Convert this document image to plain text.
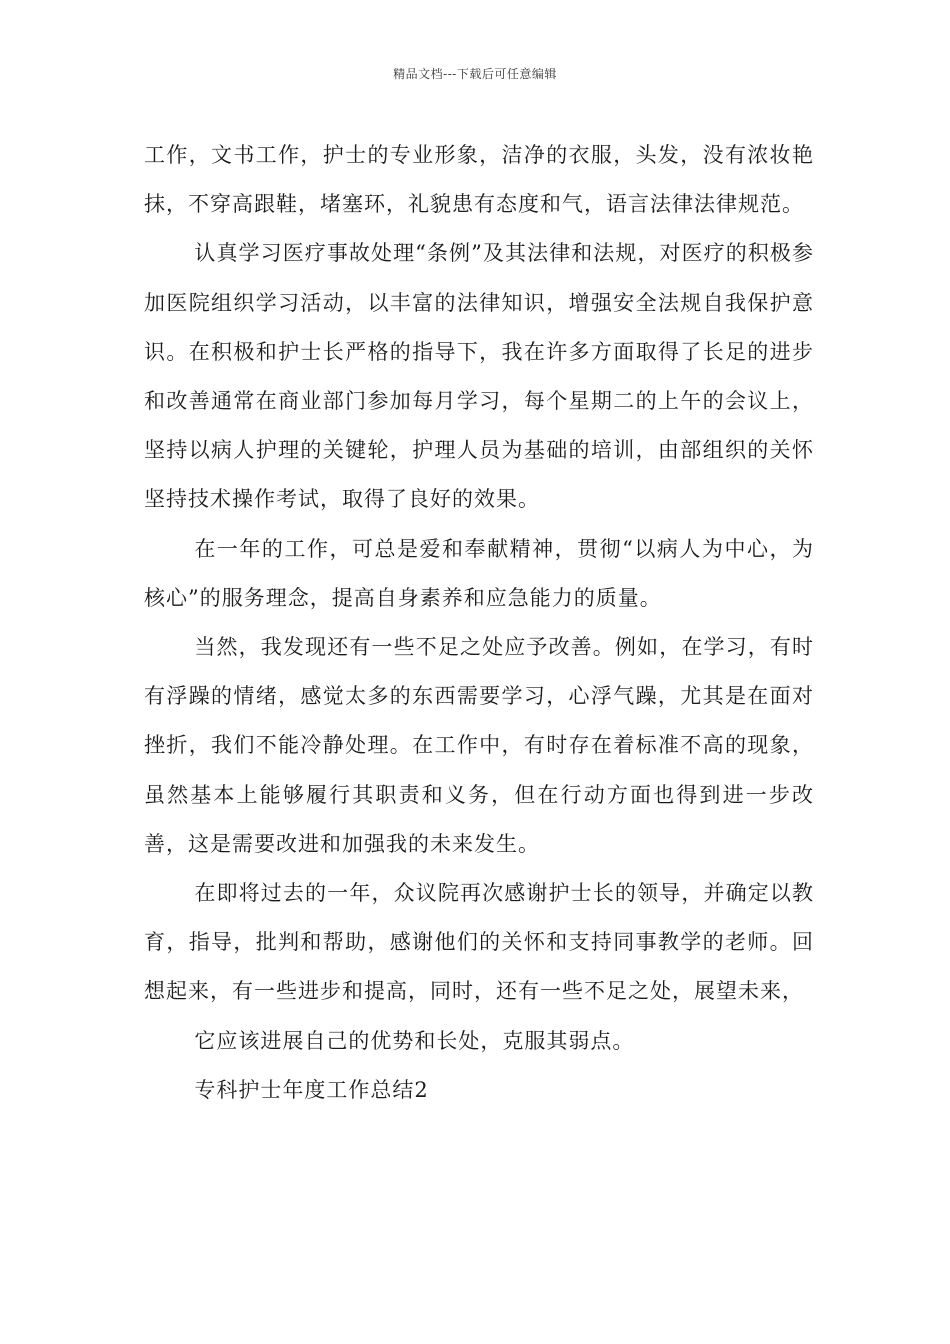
精品文档---下载后可任意编辑

工作，文书工作，护士的专业形象，洁净的衣服，头发，没有浓妆艳抹，不穿高跟鞋，堵塞环，礼貌患有态度和气，语言法律法律规范。

认真学习医疗事故处理“条例”及其法律和法规，对医疗的积极参加医院组织学习活动，以丰富的法律知识，增强安全法规自我保护意识。在积极和护士长严格的指导下，我在许多方面取得了长足的进步和改善通常在商业部门参加每月学习，每个星期二的上午的会议上，坚持以病人护理的关键轮，护理人员为基础的培训，由部组织的关怀坚持技术操作考试，取得了良好的效果。

在一年的工作，可总是爱和奉献精神，贯彻“以病人为中心，为核心”的服务理念，提高自身素养和应急能力的质量。

当然，我发现还有一些不足之处应予改善。例如，在学习，有时有浮躁的情绪，感觉太多的东西需要学习，心浮气躁，尤其是在面对挫折，我们不能冷静处理。在工作中，有时存在着标准不高的现象，虽然基本上能够履行其职责和义务，但在行动方面也得到进一步改善，这是需要改进和加强我的未来发生。

在即将过去的一年，众议院再次感谢护士长的领导，并确定以教育，指导，批判和帮助，感谢他们的关怀和支持同事教学的老师。回想起来，有一些进步和提高，同时，还有一些不足之处，展望未来，

它应该进展自己的优势和长处，克服其弱点。

专科护士年度工作总结2
